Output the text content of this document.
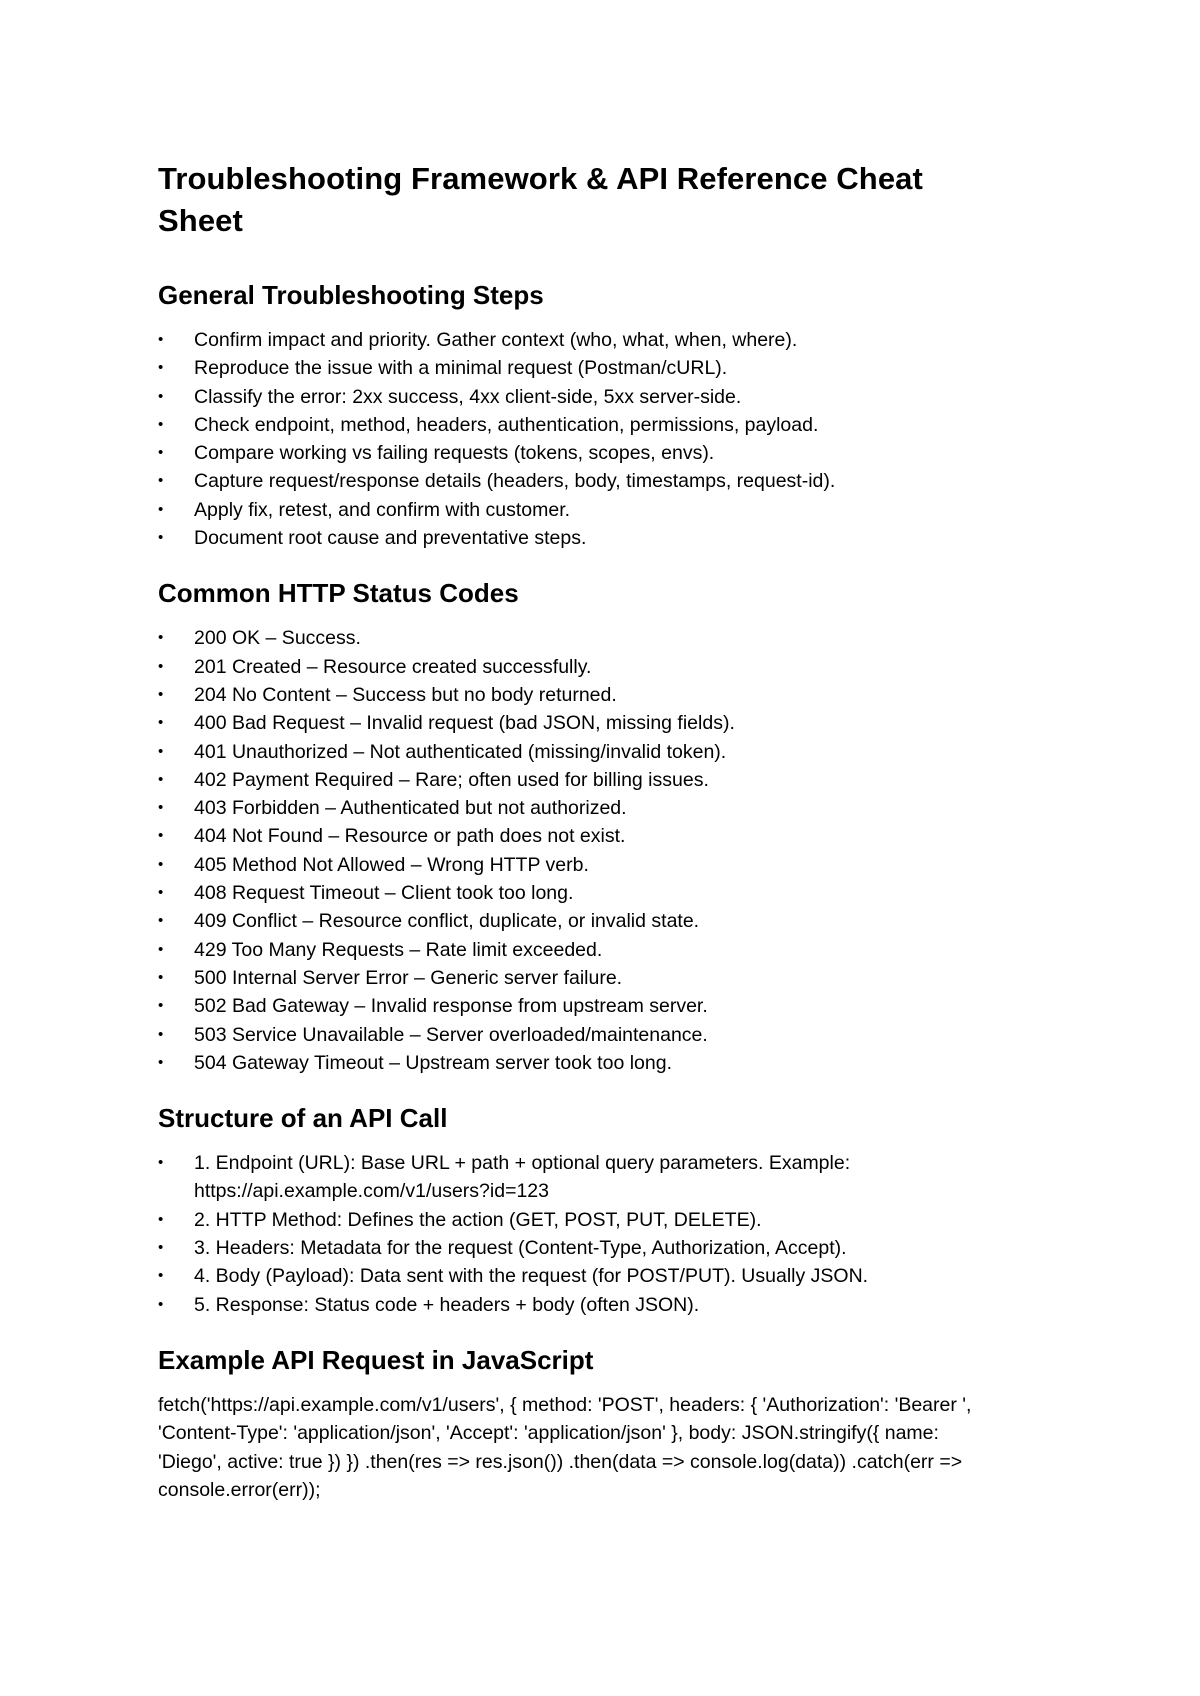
Troubleshooting Framework & API Reference Cheat Sheet
General Troubleshooting Steps
•	Confirm impact and priority. Gather context (who, what, when, where).
•	Reproduce the issue with a minimal request (Postman/cURL).
•	Classify the error: 2xx success, 4xx client-side, 5xx server-side.
•	Check endpoint, method, headers, authentication, permissions, payload.
•	Compare working vs failing requests (tokens, scopes, envs).
•	Capture request/response details (headers, body, timestamps, request-id).
•	Apply fix, retest, and confirm with customer.
•	Document root cause and preventative steps.
Common HTTP Status Codes
•	200 OK – Success.
•	201 Created – Resource created successfully.
•	204 No Content – Success but no body returned.
•	400 Bad Request – Invalid request (bad JSON, missing fields).
•	401 Unauthorized – Not authenticated (missing/invalid token).
•	402 Payment Required – Rare; often used for billing issues.
•	403 Forbidden – Authenticated but not authorized.
•	404 Not Found – Resource or path does not exist.
•	405 Method Not Allowed – Wrong HTTP verb.
•	408 Request Timeout – Client took too long.
•	409 Conflict – Resource conflict, duplicate, or invalid state.
•	429 Too Many Requests – Rate limit exceeded.
•	500 Internal Server Error – Generic server failure.
•	502 Bad Gateway – Invalid response from upstream server.
•	503 Service Unavailable – Server overloaded/maintenance.
•	504 Gateway Timeout – Upstream server took too long.
Structure of an API Call
•	1. Endpoint (URL): Base URL + path + optional query parameters. Example: https://api.example.com/v1/users?id=123
•	2. HTTP Method: Defines the action (GET, POST, PUT, DELETE).
•	3. Headers: Metadata for the request (Content-Type, Authorization, Accept).
•	4. Body (Payload): Data sent with the request (for POST/PUT). Usually JSON.
•	5. Response: Status code + headers + body (often JSON).
Example API Request in JavaScript

fetch('https://api.example.com/v1/users', { method: 'POST', headers: { 'Authorization': 'Bearer ', 'Content-Type': 'application/json', 'Accept': 'application/json' }, body: JSON.stringify({ name: 'Diego', active: true }) }) .then(res => res.json()) .then(data => console.log(data)) .catch(err => console.error(err));
